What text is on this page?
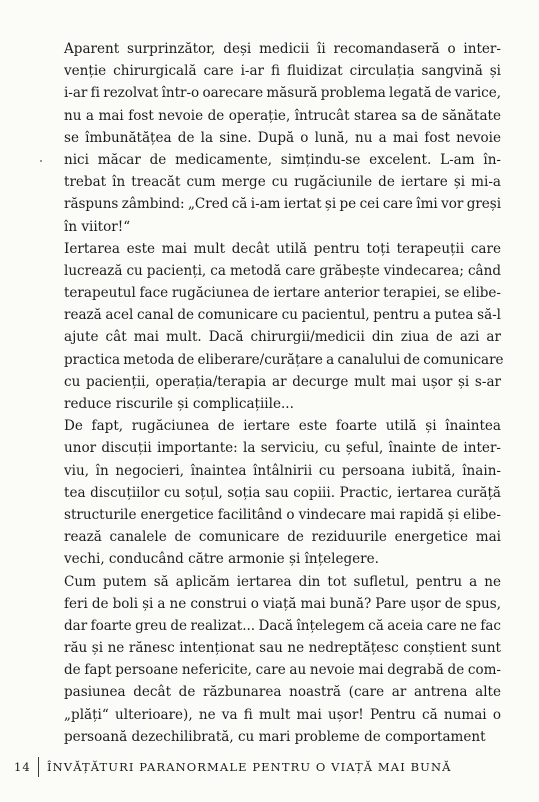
Aparent surprinzător, deși medicii îi recomandaseră o inter-
venție chirurgicală care i-ar fi fluidizat circulația sangvină și
i-ar fi rezolvat într-o oarecare măsură problema legată de varice,
nu a mai fost nevoie de operație, întrucât starea sa de sănătate
se îmbunătățea de la sine. După o lună, nu a mai fost nevoie
nici măcar de medicamente, simțindu-se excelent. L-am în-
trebat în treacăt cum merge cu rugăciunile de iertare și mi-a
răspuns zâmbind: „Cred că i-am iertat și pe cei care îmi vor greși
în viitor!“
Iertarea este mai mult decât utilă pentru toți terapeuții care
lucrează cu pacienți, ca metodă care grăbește vindecarea; când
terapeutul face rugăciunea de iertare anterior terapiei, se elibe-
rează acel canal de comunicare cu pacientul, pentru a putea să-l
ajute cât mai mult. Dacă chirurgii/medicii din ziua de azi ar
practica metoda de eliberare/curățare a canalului de comunicare
cu pacienții, operația/terapia ar decurge mult mai ușor și s-ar
reduce riscurile și complicațiile...
De fapt, rugăciunea de iertare este foarte utilă și înaintea
unor discuții importante: la serviciu, cu șeful, înainte de inter-
viu, în negocieri, înaintea întâlnirii cu persoana iubită, înain-
tea discuțiilor cu soțul, soția sau copiii. Practic, iertarea curăță
structurile energetice facilitând o vindecare mai rapidă și elibe-
rează canalele de comunicare de reziduurile energetice mai
vechi, conducând către armonie și înțelegere.
Cum putem să aplicăm iertarea din tot sufletul, pentru a ne
feri de boli și a ne construi o viață mai bună? Pare ușor de spus,
dar foarte greu de realizat... Dacă înțelegem că aceia care ne fac
rău și ne rănesc intenționat sau ne nedreptățesc conștient sunt
de fapt persoane nefericite, care au nevoie mai degrabă de com-
pasiunea decât de răzbunarea noastră (care ar antrena alte
„plăți“ ulterioare), ne va fi mult mai ușor! Pentru că numai o
persoană dezechilibrată, cu mari probleme de comportament
14 ÎNVĂȚĂTURI PARANORMALE PENTRU O VIAȚĂ MAI BUNĂ
